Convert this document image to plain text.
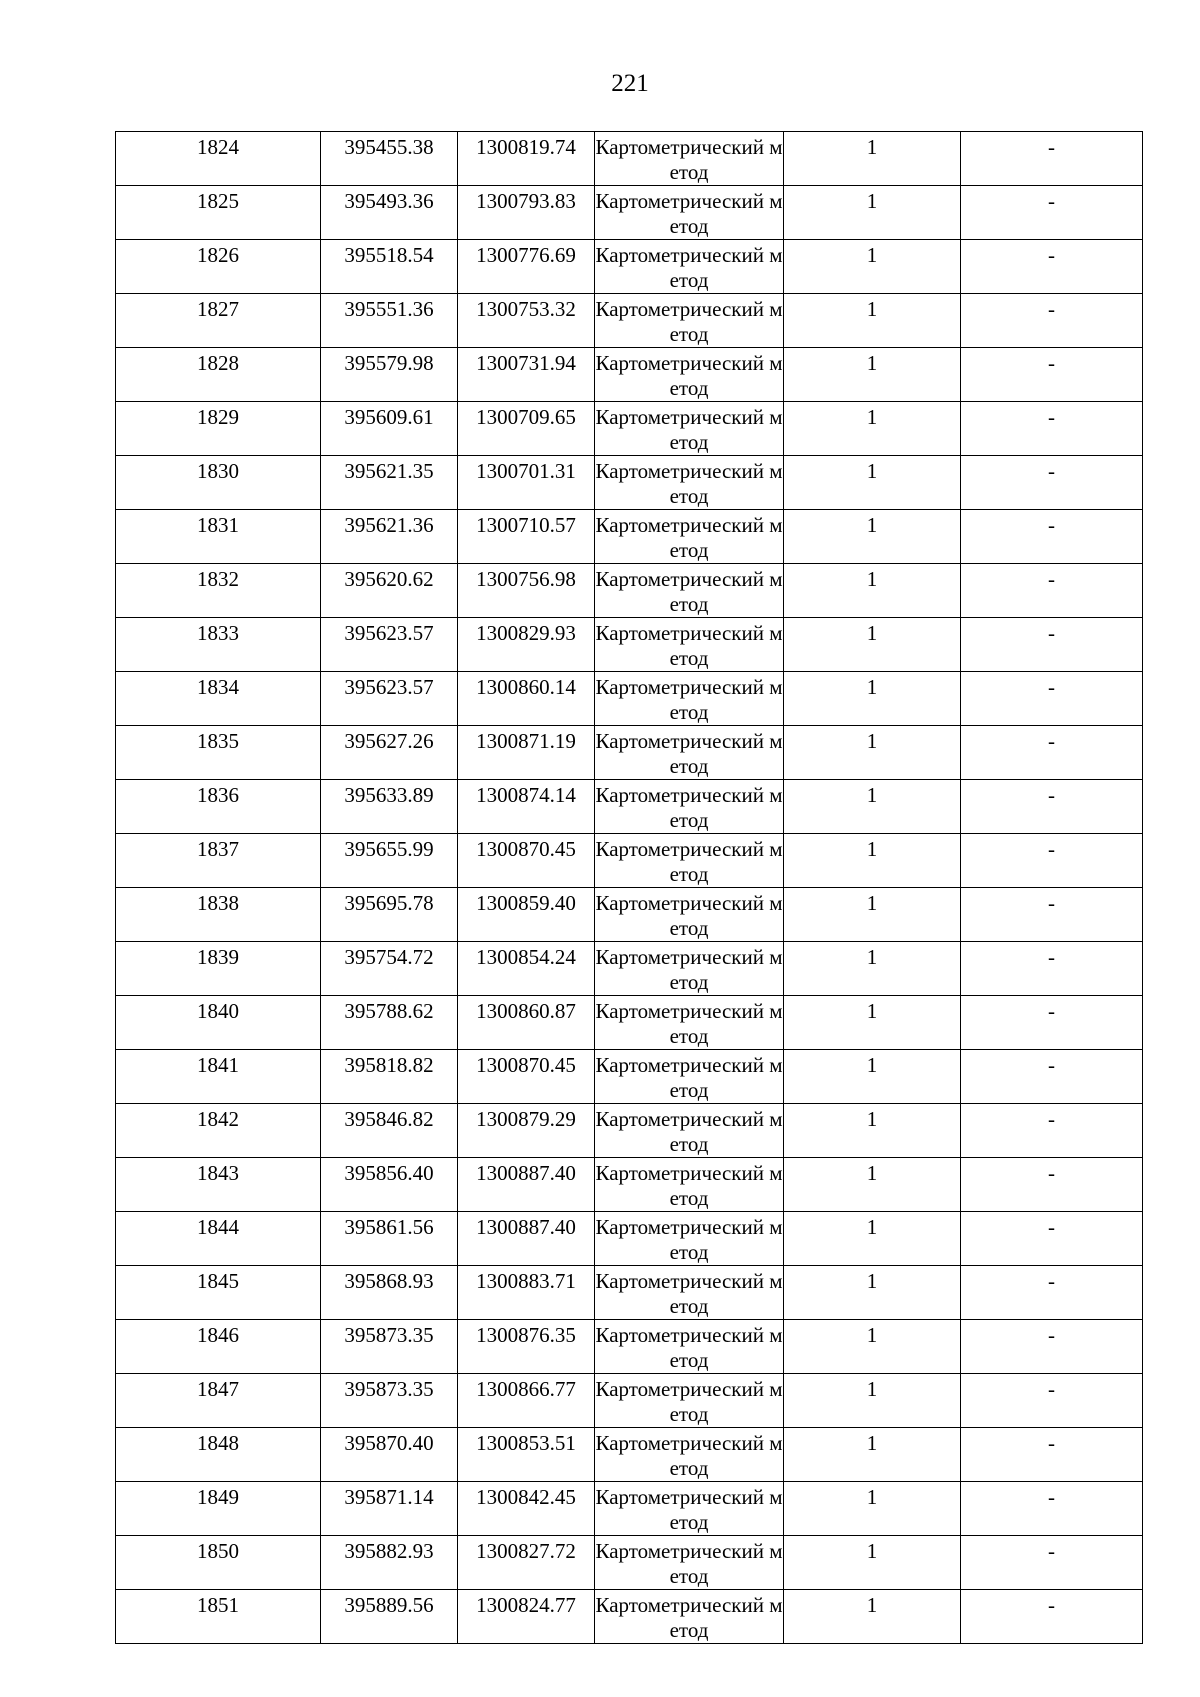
221
1824	395455.38	1300819.74	Картометрический метод	1	-
1825	395493.36	1300793.83	Картометрический метод	1	-
1826	395518.54	1300776.69	Картометрический метод	1	-
1827	395551.36	1300753.32	Картометрический метод	1	-
1828	395579.98	1300731.94	Картометрический метод	1	-
1829	395609.61	1300709.65	Картометрический метод	1	-
1830	395621.35	1300701.31	Картометрический метод	1	-
1831	395621.36	1300710.57	Картометрический метод	1	-
1832	395620.62	1300756.98	Картометрический метод	1	-
1833	395623.57	1300829.93	Картометрический метод	1	-
1834	395623.57	1300860.14	Картометрический метод	1	-
1835	395627.26	1300871.19	Картометрический метод	1	-
1836	395633.89	1300874.14	Картометрический метод	1	-
1837	395655.99	1300870.45	Картометрический метод	1	-
1838	395695.78	1300859.40	Картометрический метод	1	-
1839	395754.72	1300854.24	Картометрический метод	1	-
1840	395788.62	1300860.87	Картометрический метод	1	-
1841	395818.82	1300870.45	Картометрический метод	1	-
1842	395846.82	1300879.29	Картометрический метод	1	-
1843	395856.40	1300887.40	Картометрический метод	1	-
1844	395861.56	1300887.40	Картометрический метод	1	-
1845	395868.93	1300883.71	Картометрический метод	1	-
1846	395873.35	1300876.35	Картометрический метод	1	-
1847	395873.35	1300866.77	Картометрический метод	1	-
1848	395870.40	1300853.51	Картометрический метод	1	-
1849	395871.14	1300842.45	Картометрический метод	1	-
1850	395882.93	1300827.72	Картометрический метод	1	-
1851	395889.56	1300824.77	Картометрический метод	1	-
